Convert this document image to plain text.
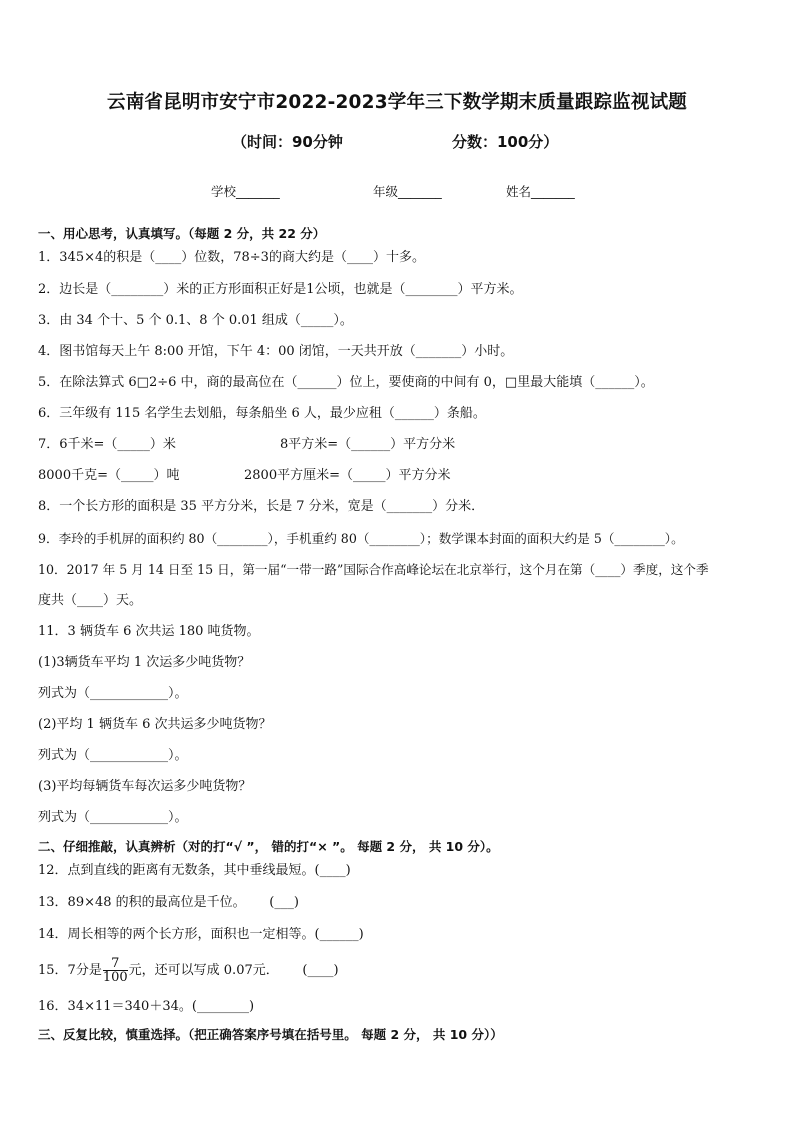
云南省昆明市安宁市2022-2023学年三下数学期末质量跟踪监视试题
（时间：90分钟	分数：100分）
学校_______	年级_______	姓名_______
一、用心思考，认真填写。（每题 2 分，共 22 分）
1．345×4的积是（____）位数，78÷3的商大约是（____）十多。
2．边长是（________）米的正方形面积正好是1公顷，也就是（________）平方米。
3．由 34 个十、5 个 0.1、8 个 0.01 组成（_____）。
4．图书馆每天上午 8:00 开馆，下午 4：00 闭馆，一天共开放（_______）小时。
5．在除法算式 6□2÷6 中，商的最高位在（______）位上，要使商的中间有 0，□里最大能填（______）。
6．三年级有 115 名学生去划船，每条船坐 6 人，最少应租（______）条船。
7．6千米=（_____）米	8平方米=（______）平方分米
8000千克=（_____）吨	2800平方厘米=（_____）平方分米
8．一个长方形的面积是 35 平方分米，长是 7 分米，宽是（_______）分米．
9．李玲的手机屏的面积约 80（________），手机重约 80（________）；数学课本封面的面积大约是 5（________）。
10．2017 年 5 月 14 日至 15 日，第一届“一带一路”国际合作高峰论坛在北京举行，这个月在第（____）季度，这个季
度共（____）天。
11．3 辆货车 6 次共运 180 吨货物。
(1)3辆货车平均 1 次运多少吨货物？
列式为（____________）。
(2)平均 1 辆货车 6 次共运多少吨货物？
列式为（____________）。
(3)平均每辆货车每次运多少吨货物？
列式为（____________）。
二、仔细推敲，认真辨析（对的打“√ ”， 错的打“× ”。 每题 2 分， 共 10 分）。
12．点到直线的距离有无数条，其中垂线最短。(____)
13．89×48 的积的最高位是千位。　　 (___)
14．周长相等的两个长方形，面积也一定相等。(______)
15．7分是 $\frac{7}{100}$ 元，还可以写成 0.07元．　　 (____)
16．34×11＝340＋34。(________)
三、反复比较，慎重选择。（把正确答案序号填在括号里。 每题 2 分， 共 10 分））
